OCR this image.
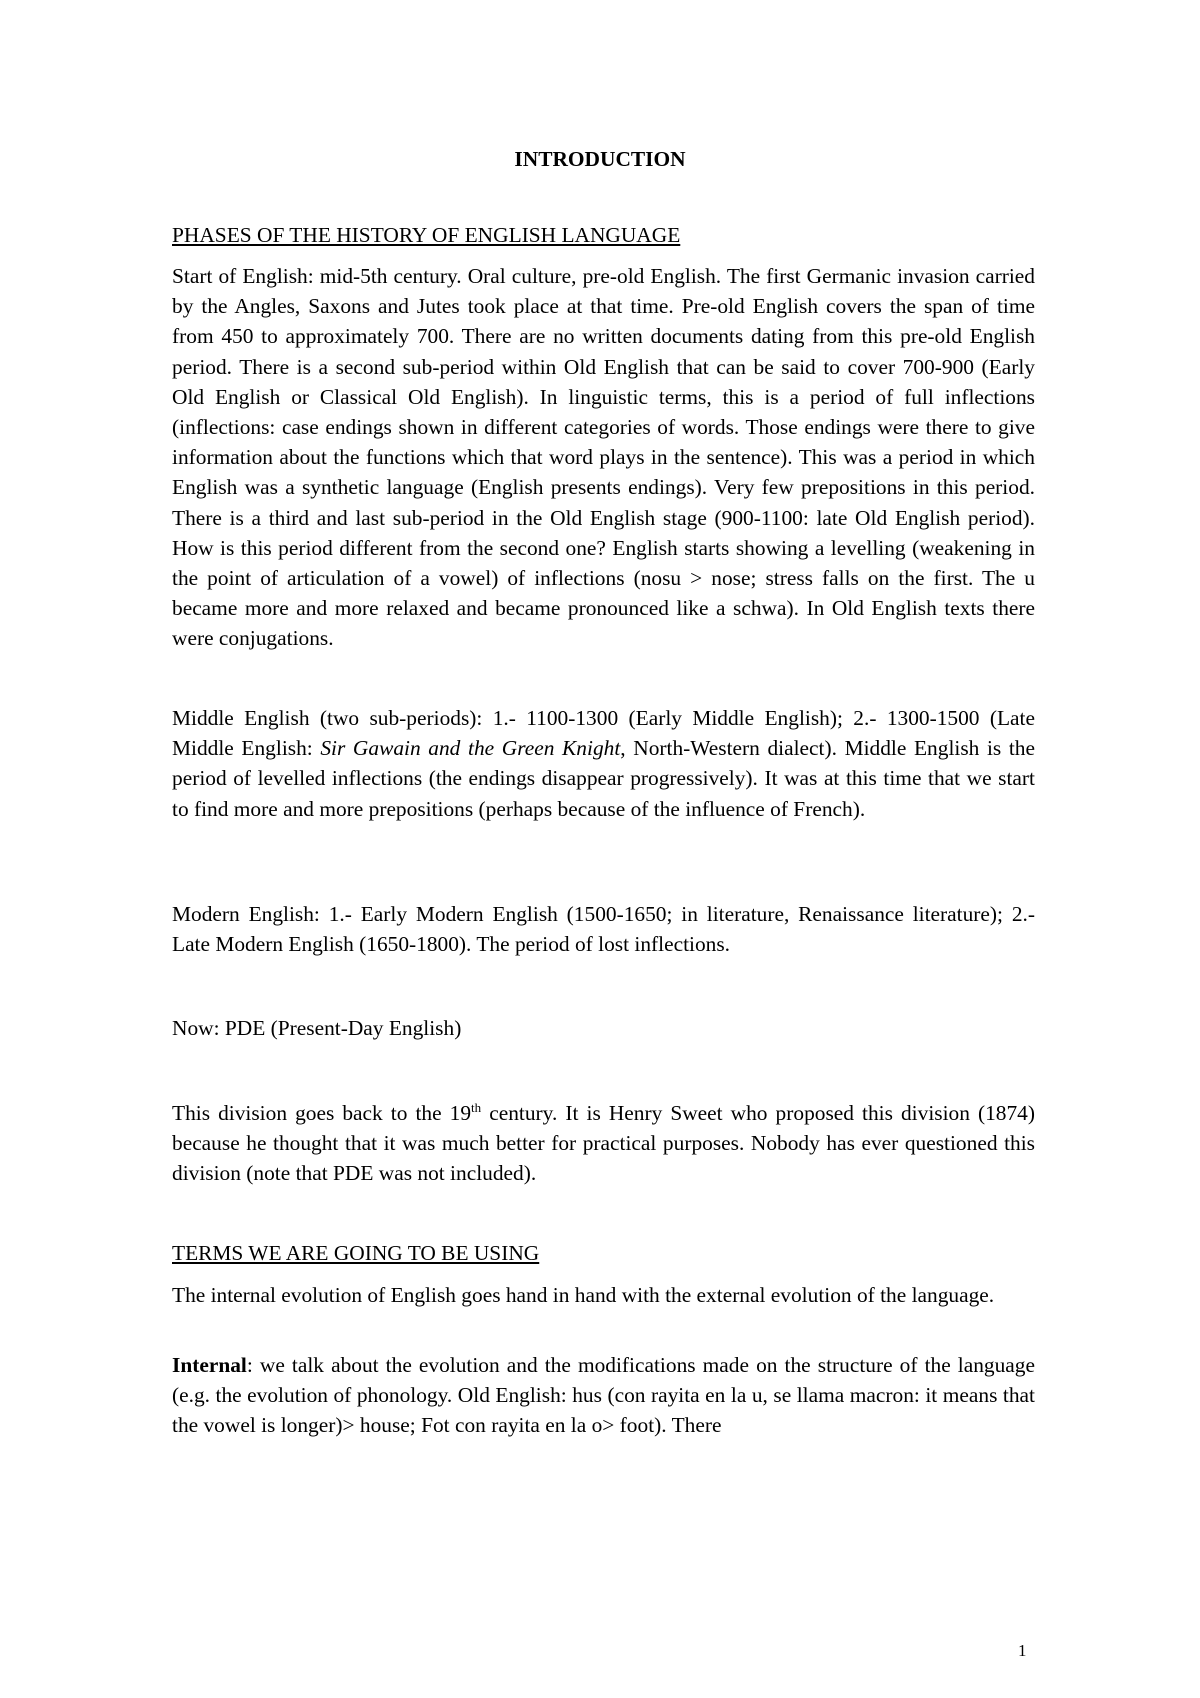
INTRODUCTION

PHASES OF THE HISTORY OF ENGLISH LANGUAGE

Start of English: mid-5th century. Oral culture, pre-old English. The first Germanic invasion carried by the Angles, Saxons and Jutes took place at that time. Pre-old English covers the span of time from 450 to approximately 700. There are no written documents dating from this pre-old English period. There is a second sub-period within Old English that can be said to cover 700-900 (Early Old English or Classical Old English). In linguistic terms, this is a period of full inflections (inflections: case endings shown in different categories of words. Those endings were there to give information about the functions which that word plays in the sentence). This was a period in which English was a synthetic language (English presents endings). Very few prepositions in this period. There is a third and last sub-period in the Old English stage (900-1100: late Old English period). How is this period different from the second one? English starts showing a levelling (weakening in the point of articulation of a vowel) of inflections (nosu > nose; stress falls on the first. The u became more and more relaxed and became pronounced like a schwa). In Old English texts there were conjugations.

Middle English (two sub-periods): 1.- 1100-1300 (Early Middle English); 2.- 1300-1500 (Late Middle English: Sir Gawain and the Green Knight, North-Western dialect). Middle English is the period of levelled inflections (the endings disappear progressively). It was at this time that we start to find more and more prepositions (perhaps because of the influence of French).

Modern English: 1.- Early Modern English (1500-1650; in literature, Renaissance literature); 2.- Late Modern English (1650-1800). The period of lost inflections.

Now: PDE (Present-Day English)

This division goes back to the 19th century. It is Henry Sweet who proposed this division (1874) because he thought that it was much better for practical purposes. Nobody has ever questioned this division (note that PDE was not included).

TERMS WE ARE GOING TO BE USING

The internal evolution of English goes hand in hand with the external evolution of the language.

Internal: we talk about the evolution and the modifications made on the structure of the language (e.g. the evolution of phonology. Old English: hus (con rayita en la u, se llama macron: it means that the vowel is longer)> house; Fot con rayita en la o> foot). There

1
